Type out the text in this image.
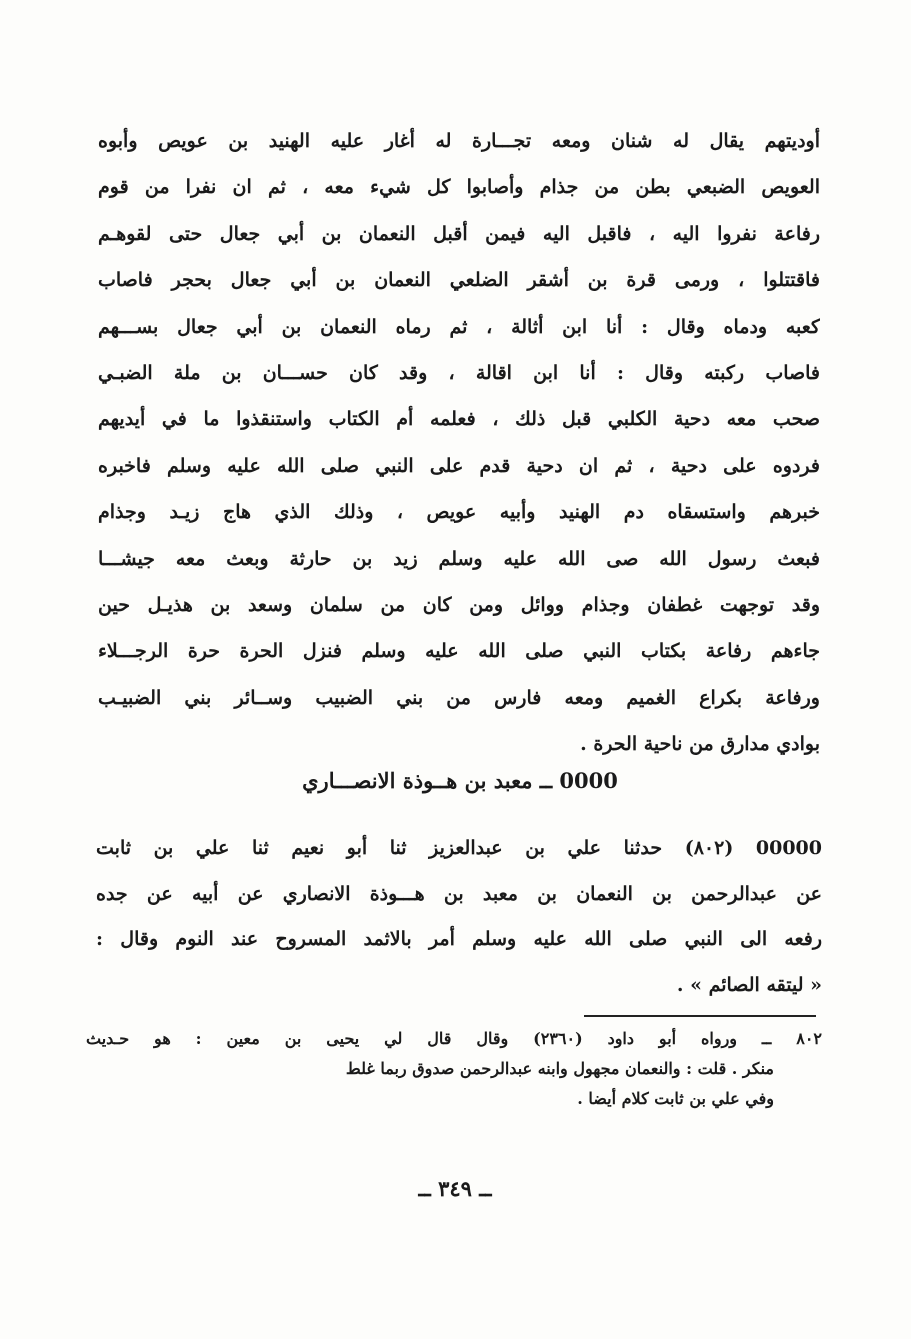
أوديتهم يقال له شنان ومعه تجـــارة له أغار عليه الهنيد بن عويص وأبوه
العويص الضبعي بطن من جذام وأصابوا كل شيء معه ، ثم ان نفرا من قوم
رفاعة نفروا اليه ، فاقبل اليه فيمن أقبل النعمان بن أبي جعال حتى لقوهـم
فاقتتلوا ، ورمى قرة بن أشقر الضلعي النعمان بن أبي جعال بحجر فاصاب
كعبه ودماه وقال : أنا ابن أثالة ، ثم رماه النعمان بن أبي جعال بســـهم
فاصاب ركبته وقال : أنا ابن اقالة ، وقد كان حســـان بن ملة الضبـي
صحب معه دحية الكلبي قبل ذلك ، فعلمه أم الكتاب واستنقذوا ما في أيديهم
فردوه على دحية ، ثم ان دحية قدم على النبي صلى الله عليه وسلم فاخبره
خبرهم واستسقاه دم الهنيد وأبيه عويص ، وذلك الذي هاج زيـد وجذام
فبعث رسول الله صى الله عليه وسلم زيد بن حارثة وبعث معه جيشـــا
وقد توجهت غطفان وجذام ووائل ومن كان من سلمان وسعد بن هذيـل حين
جاءهم رفاعة بكتاب النبي صلى الله عليه وسلم فنزل الحرة حرة الرجـــلاء
ورفاعة بكراع الغميم ومعه فارس من بني الضبيب وســائر بني الضبيـب
بوادي مدارق من ناحية الحرة .
0000 ــ معبد بن هــوذة الانصـــاري
00000 (٨٠٢) حدثنا علي بن عبدالعزيز ثنا أبو نعيم ثنا علي بن ثابت
عن عبدالرحمن بن النعمان بن معبد بن هـــوذة الانصاري عن أبيه عن جده
رفعه الى النبي صلى الله عليه وسلم أمر بالاثمد المسروح عند النوم وقال :
« ليتقه الصائم » .
٨٠٢ ــ ورواه أبو داود (٢٣٦٠) وقال قال لي يحيى بن معين : هو حـديث
منكر . قلت : والنعمان مجهول وابنه عبدالرحمن صدوق ربما غلط
وفي علي بن ثابت كلام أيضا .
ــ ٣٤٩ ــ
